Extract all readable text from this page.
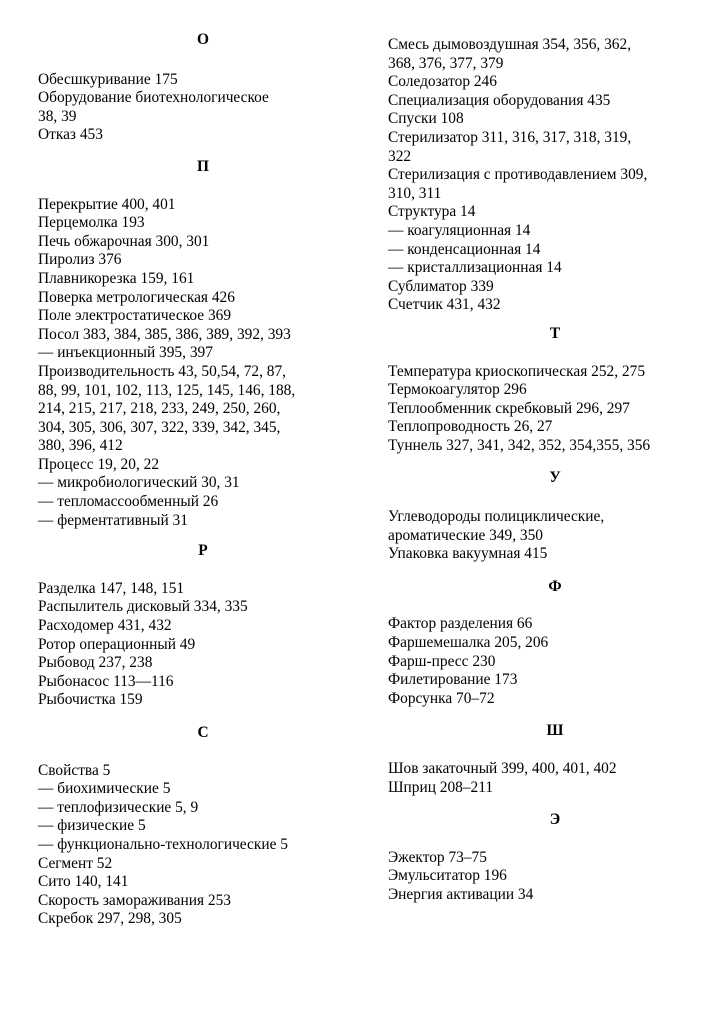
О
Обесшкуривание 175
Оборудование биотехнологическое
38, 39
Отказ 453
П
Перекрытие 400, 401
Перцемолка 193
Печь обжарочная 300, 301
Пиролиз 376
Плавникорезка 159, 161
Поверка метрологическая 426
Поле электростатическое 369
Посол 383, 384, 385, 386, 389, 392, 393
— инъекционный 395, 397
Производительность 43, 50,54, 72, 87,
88, 99, 101, 102, 113, 125, 145, 146, 188,
214, 215, 217, 218, 233, 249, 250, 260,
304, 305, 306, 307, 322, 339, 342, 345,
380, 396, 412
Процесс 19, 20, 22
— микробиологический 30, 31
— тепломассообменный 26
— ферментативный 31
Р
Разделка 147, 148, 151
Распылитель дисковый 334, 335
Расходомер 431, 432
Ротор операционный 49
Рыбовод 237, 238
Рыбонасос 113—116
Рыбочистка 159
С
Свойства 5
— биохимические 5
— теплофизические 5, 9
— физические 5
— функционально-технологические 5
Сегмент 52
Сито 140, 141
Скорость замораживания 253
Скребок 297, 298, 305
Смесь дымовоздушная 354, 356, 362,
368, 376, 377, 379
Соледозатор 246
Специализация оборудования 435
Спуски 108
Стерилизатор 311, 316, 317, 318, 319,
322
Стерилизация с противодавлением 309,
310, 311
Структура 14
— коагуляционная 14
— конденсационная 14
— кристаллизационная 14
Сублиматор 339
Счетчик 431, 432
Т
Температура криоскопическая 252, 275
Термокоагулятор 296
Теплообменник скребковый 296, 297
Теплопроводность 26, 27
Туннель 327, 341, 342, 352, 354,355, 356
У
Углеводороды полициклические,
ароматические 349, 350
Упаковка вакуумная 415
Ф
Фактор разделения 66
Фаршемешалка 205, 206
Фарш-пресс 230
Филетирование 173
Форсунка 70–72
Ш
Шов закаточный 399, 400, 401, 402
Шприц 208–211
Э
Эжектор 73–75
Эмульситатор 196
Энергия активации 34
